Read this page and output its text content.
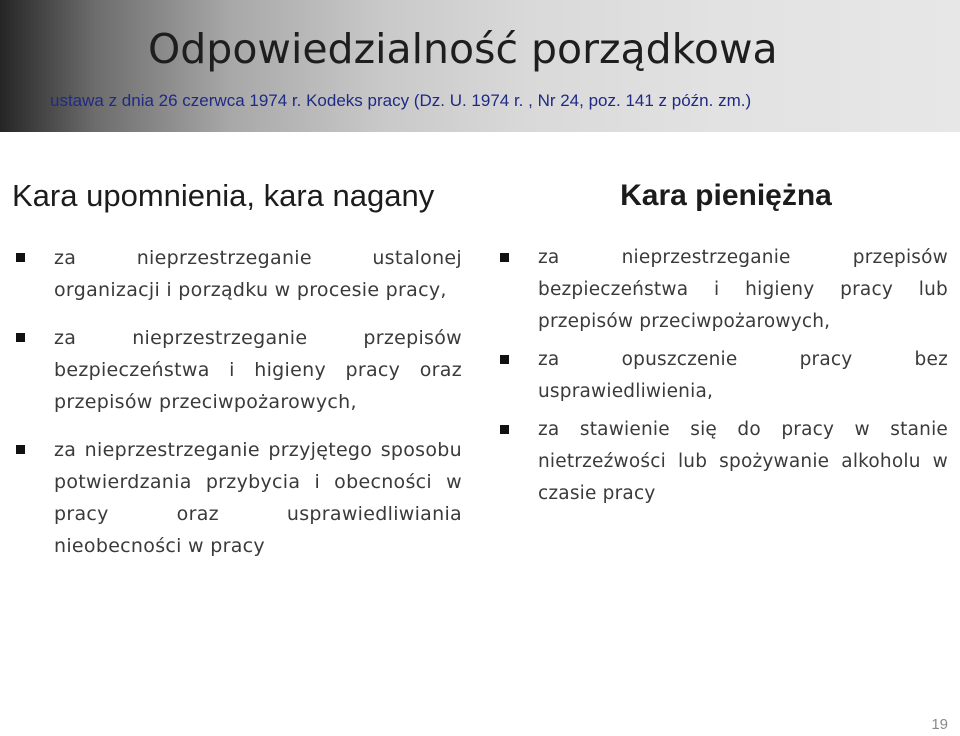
Odpowiedzialność porządkowa
ustawa z dnia 26 czerwca 1974 r. Kodeks pracy (Dz. U. 1974 r. , Nr 24, poz. 141 z późn. zm.)
Kara upomnienia, kara nagany
za nieprzestrzeganie ustalonej organizacji i porządku w procesie pracy,
za nieprzestrzeganie przepisów bezpieczeństwa i higieny pracy oraz przepisów przeciwpożarowych,
za nieprzestrzeganie przyjętego sposobu potwierdzania przybycia i obecności w pracy oraz usprawiedliwiania nieobecności w pracy
Kara pieniężna
za nieprzestrzeganie przepisów bezpieczeństwa i higieny pracy lub przepisów przeciwpożarowych,
za opuszczenie pracy bez usprawiedliwienia,
za stawienie się do pracy w stanie nietrzeźwości lub spożywanie alkoholu w czasie pracy
19
